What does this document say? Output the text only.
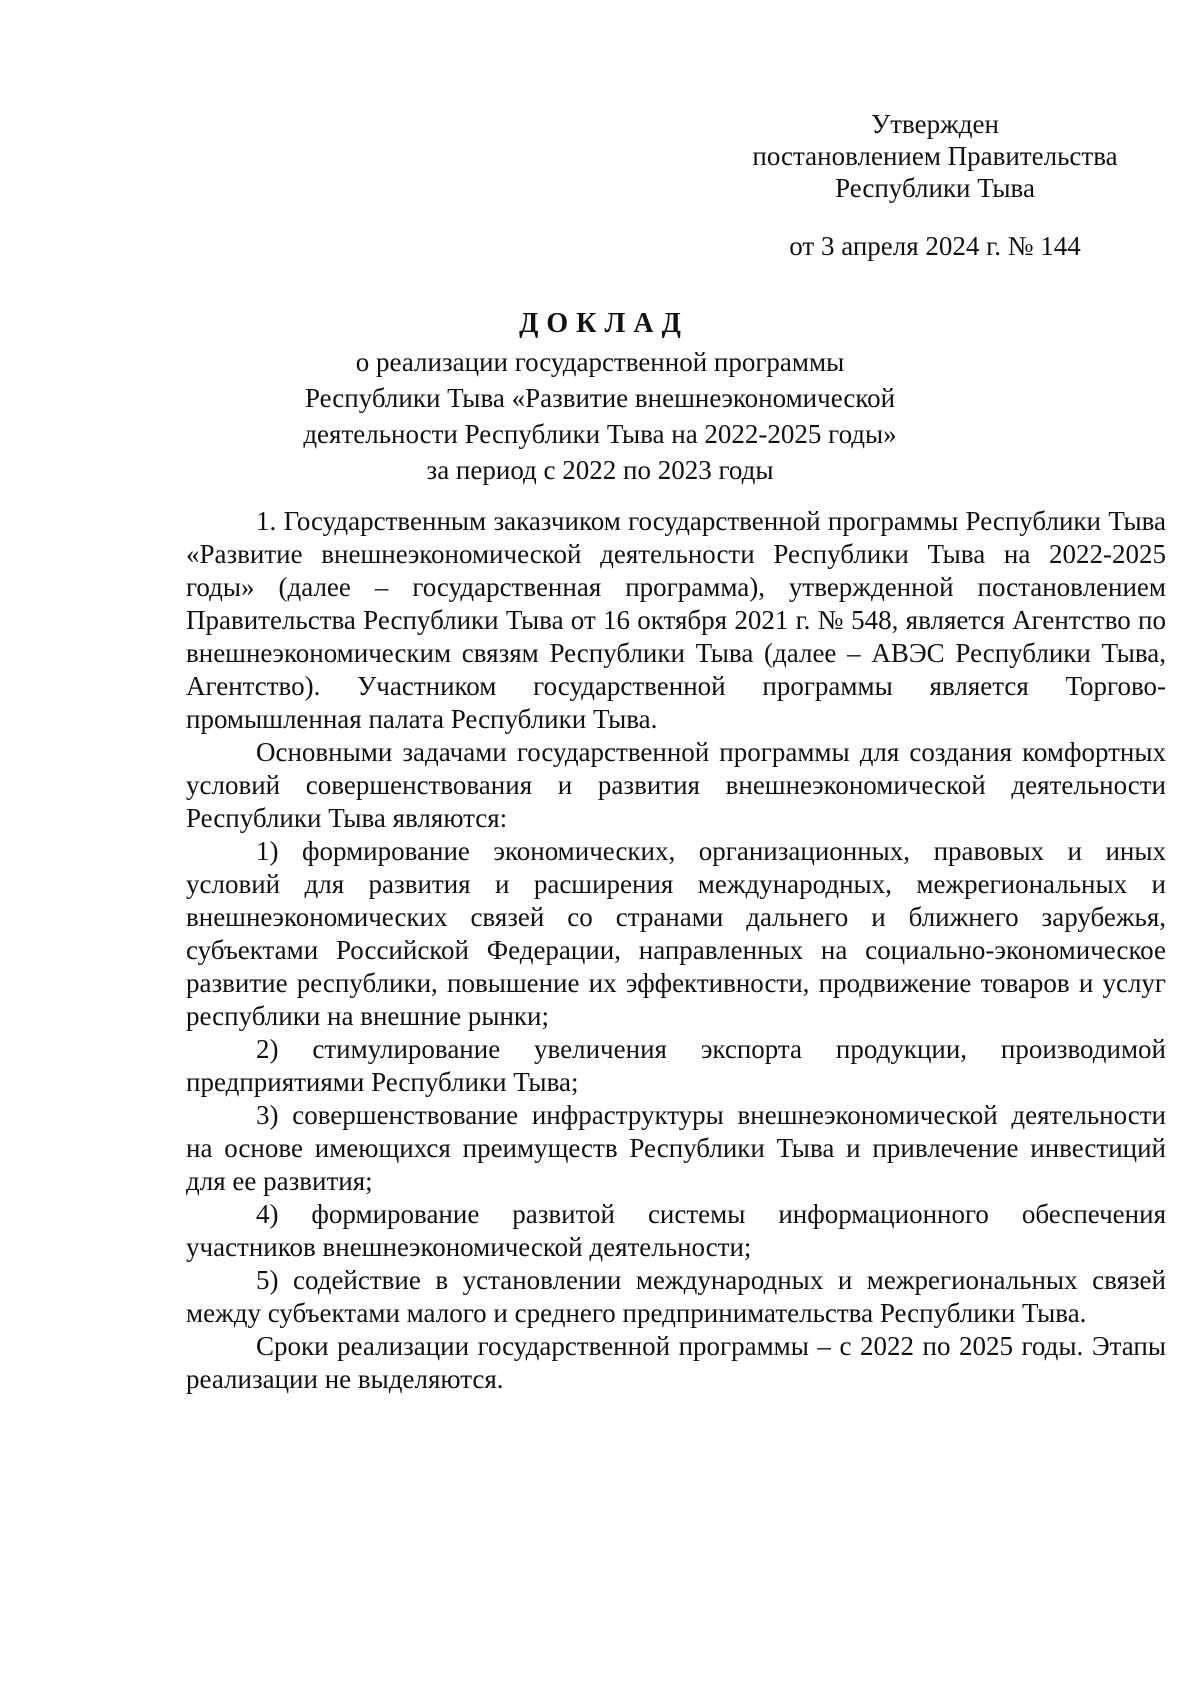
Утвержден
постановлением Правительства
Республики Тыва
от 3 апреля 2024 г. № 144
ДОКЛАД
о реализации государственной программы
Республики Тыва «Развитие внешнеэкономической
деятельности Республики Тыва на 2022-2025 годы»
за период с 2022 по 2023 годы

1. Государственным заказчиком государственной программы Республики Тыва «Развитие внешнеэкономической деятельности Республики Тыва на 2022-2025 годы» (далее – государственная программа), утвержденной постановлением Правительства Республики Тыва от 16 октября 2021 г. № 548, является Агентство по внешнеэкономическим связям Республики Тыва (далее – АВЭС Республики Тыва, Агентство). Участником государственной программы является Торгово-промышленная палата Республики Тыва.

Основными задачами государственной программы для создания комфортных условий совершенствования и развития внешнеэкономической деятельности Республики Тыва являются:

1) формирование экономических, организационных, правовых и иных условий для развития и расширения международных, межрегиональных и внешнеэкономических связей со странами дальнего и ближнего зарубежья, субъектами Российской Федерации, направленных на социально-экономическое развитие республики, повышение их эффективности, продвижение товаров и услуг республики на внешние рынки;

2) стимулирование увеличения экспорта продукции, производимой предприятиями Республики Тыва;

3) совершенствование инфраструктуры внешнеэкономической деятельности на основе имеющихся преимуществ Республики Тыва и привлечение инвестиций для ее развития;

4) формирование развитой системы информационного обеспечения участников внешнеэкономической деятельности;

5) содействие в установлении международных и межрегиональных связей между субъектами малого и среднего предпринимательства Республики Тыва.

Сроки реализации государственной программы – с 2022 по 2025 годы. Этапы реализации не выделяются.
